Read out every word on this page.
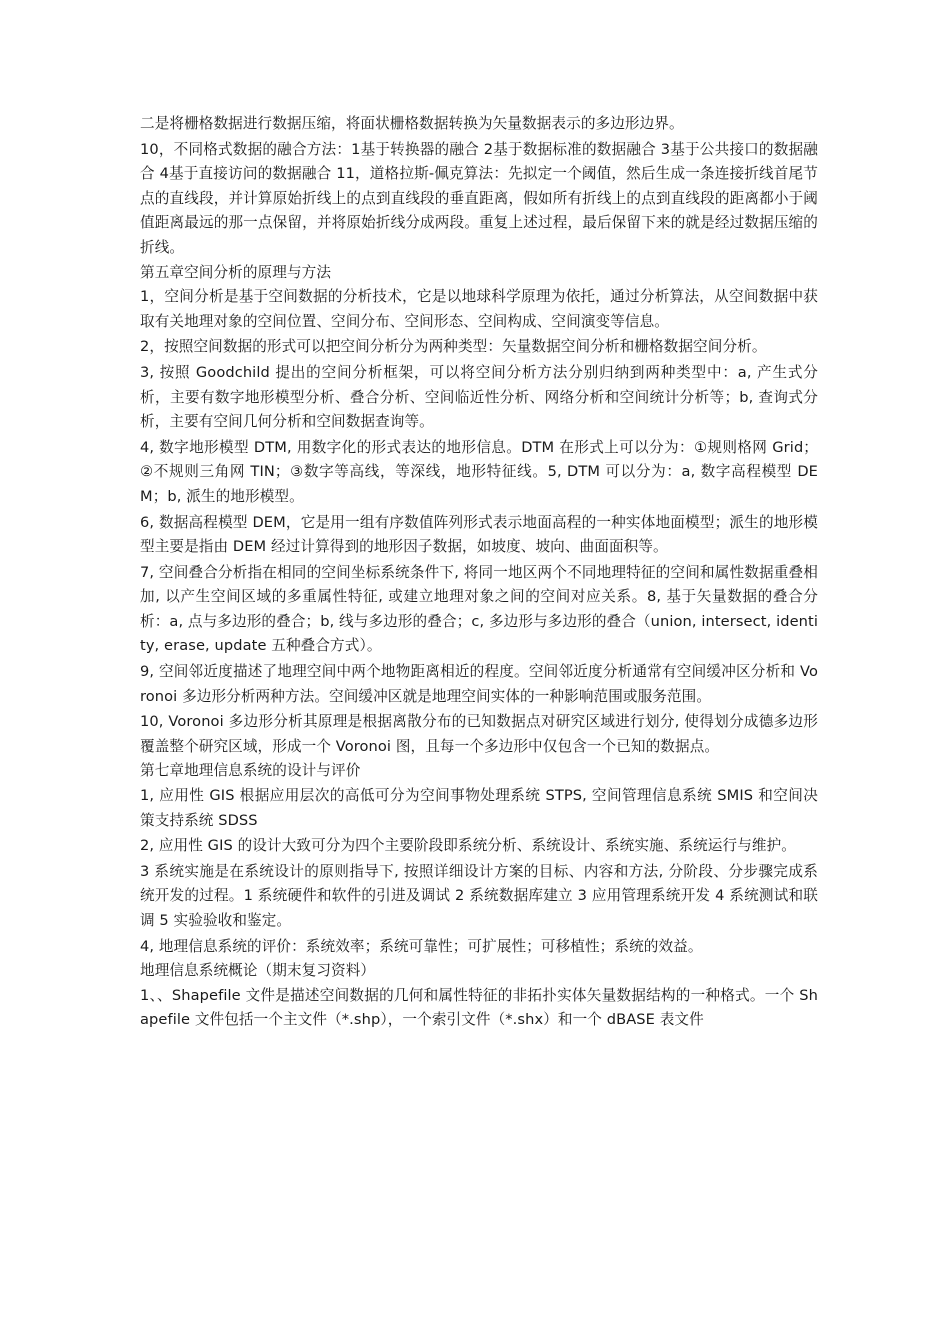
二是将栅格数据进行数据压缩，将面状栅格数据转换为矢量数据表示的多边形边界。

10，不同格式数据的融合方法：1基于转换器的融合 2基于数据标准的数据融合 3基于公共接口的数据融合 4基于直接访问的数据融合 11，道格拉斯-佩克算法：先拟定一个阈值，然后生成一条连接折线首尾节点的直线段，并计算原始折线上的点到直线段的垂直距离，假如所有折线上的点到直线段的距离都小于阈值距离最远的那一点保留，并将原始折线分成两段。重复上述过程，最后保留下来的就是经过数据压缩的折线。

第五章空间分析的原理与方法

1，空间分析是基于空间数据的分析技术，它是以地球科学原理为依托，通过分析算法，从空间数据中获取有关地理对象的空间位置、空间分布、空间形态、空间构成、空间演变等信息。

2，按照空间数据的形式可以把空间分析分为两种类型：矢量数据空间分析和栅格数据空间分析。

3, 按照 Goodchild 提出的空间分析框架，可以将空间分析方法分别归纳到两种类型中：a, 产生式分析，主要有数字地形模型分析、叠合分析、空间临近性分析、网络分析和空间统计分析等；b, 查询式分析，主要有空间几何分析和空间数据查询等。

4, 数字地形模型 DTM, 用数字化的形式表达的地形信息。DTM 在形式上可以分为：①规则格网 Grid；②不规则三角网 TIN；③数字等高线，等深线，地形特征线。5, DTM 可以分为：a, 数字高程模型 DEM；b, 派生的地形模型。

6, 数据高程模型 DEM，它是用一组有序数值阵列形式表示地面高程的一种实体地面模型；派生的地形模型主要是指由 DEM 经过计算得到的地形因子数据，如坡度、坡向、曲面面积等。

7, 空间叠合分析指在相同的空间坐标系统条件下, 将同一地区两个不同地理特征的空间和属性数据重叠相加, 以产生空间区域的多重属性特征, 或建立地理对象之间的空间对应关系。8, 基于矢量数据的叠合分析：a, 点与多边形的叠合；b, 线与多边形的叠合；c, 多边形与多边形的叠合（union, intersect, identity, erase, update 五种叠合方式）。

9, 空间邻近度描述了地理空间中两个地物距离相近的程度。空间邻近度分析通常有空间缓冲区分析和 Voronoi 多边形分析两种方法。空间缓冲区就是地理空间实体的一种影响范围或服务范围。

10, Voronoi 多边形分析其原理是根据离散分布的已知数据点对研究区域进行划分, 使得划分成德多边形覆盖整个研究区域，形成一个 Voronoi 图，且每一个多边形中仅包含一个已知的数据点。

第七章地理信息系统的设计与评价

1, 应用性 GIS 根据应用层次的高低可分为空间事物处理系统 STPS, 空间管理信息系统 SMIS 和空间决策支持系统 SDSS

2, 应用性 GIS 的设计大致可分为四个主要阶段即系统分析、系统设计、系统实施、系统运行与维护。

3 系统实施是在系统设计的原则指导下, 按照详细设计方案的目标、内容和方法, 分阶段、分步骤完成系统开发的过程。1 系统硬件和软件的引进及调试 2 系统数据库建立 3 应用管理系统开发 4 系统测试和联调 5 实验验收和鉴定。

4, 地理信息系统的评价：系统效率；系统可靠性；可扩展性；可移植性；系统的效益。

地理信息系统概论（期末复习资料）

1、、Shapefile 文件是描述空间数据的几何和属性特征的非拓扑实体矢量数据结构的一种格式。一个 Shapefile 文件包括一个主文件（*.shp），一个索引文件（*.shx）和一个 dBASE 表文件
